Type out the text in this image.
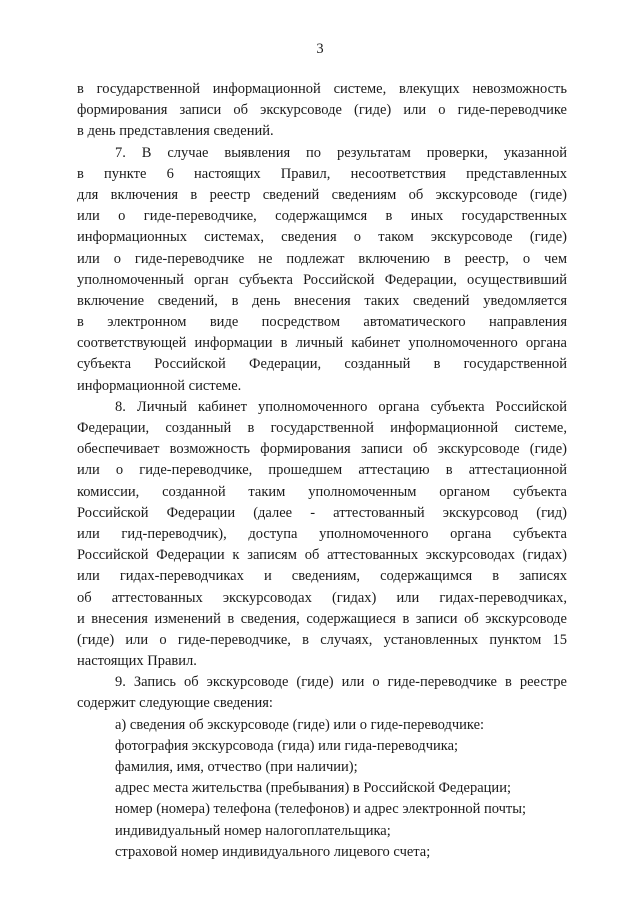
3
в государственной информационной системе, влекущих невозможность
формирования записи об экскурсоводе (гиде) или о гиде-переводчике
в день представления сведений.
7. В случае выявления по результатам проверки, указанной
в пункте 6 настоящих Правил, несоответствия представленных
для включения в реестр сведений сведениям об экскурсоводе (гиде)
или о гиде-переводчике, содержащимся в иных государственных
информационных системах, сведения о таком экскурсоводе (гиде)
или о гиде-переводчике не подлежат включению в реестр, о чем
уполномоченный орган субъекта Российской Федерации, осуществивший
включение сведений, в день внесения таких сведений уведомляется
в электронном виде посредством автоматического направления
соответствующей информации в личный кабинет уполномоченного органа
субъекта Российской Федерации, созданный в государственной
информационной системе.
8. Личный кабинет уполномоченного органа субъекта Российской
Федерации, созданный в государственной информационной системе,
обеспечивает возможность формирования записи об экскурсоводе (гиде)
или о гиде-переводчике, прошедшем аттестацию в аттестационной
комиссии, созданной таким уполномоченным органом субъекта
Российской Федерации (далее - аттестованный экскурсовод (гид)
или гид-переводчик), доступа уполномоченного органа субъекта
Российской Федерации к записям об аттестованных экскурсоводах (гидах)
или гидах-переводчиках и сведениям, содержащимся в записях
об аттестованных экскурсоводах (гидах) или гидах-переводчиках,
и внесения изменений в сведения, содержащиеся в записи об экскурсоводе
(гиде) или о гиде-переводчике, в случаях, установленных пунктом 15
настоящих Правил.
9. Запись об экскурсоводе (гиде) или о гиде-переводчике в реестре
содержит следующие сведения:
а) сведения об экскурсоводе (гиде) или о гиде-переводчике:
фотография экскурсовода (гида) или гида-переводчика;
фамилия, имя, отчество (при наличии);
адрес места жительства (пребывания) в Российской Федерации;
номер (номера) телефона (телефонов) и адрес электронной почты;
индивидуальный номер налогоплательщика;
страховой номер индивидуального лицевого счета;
